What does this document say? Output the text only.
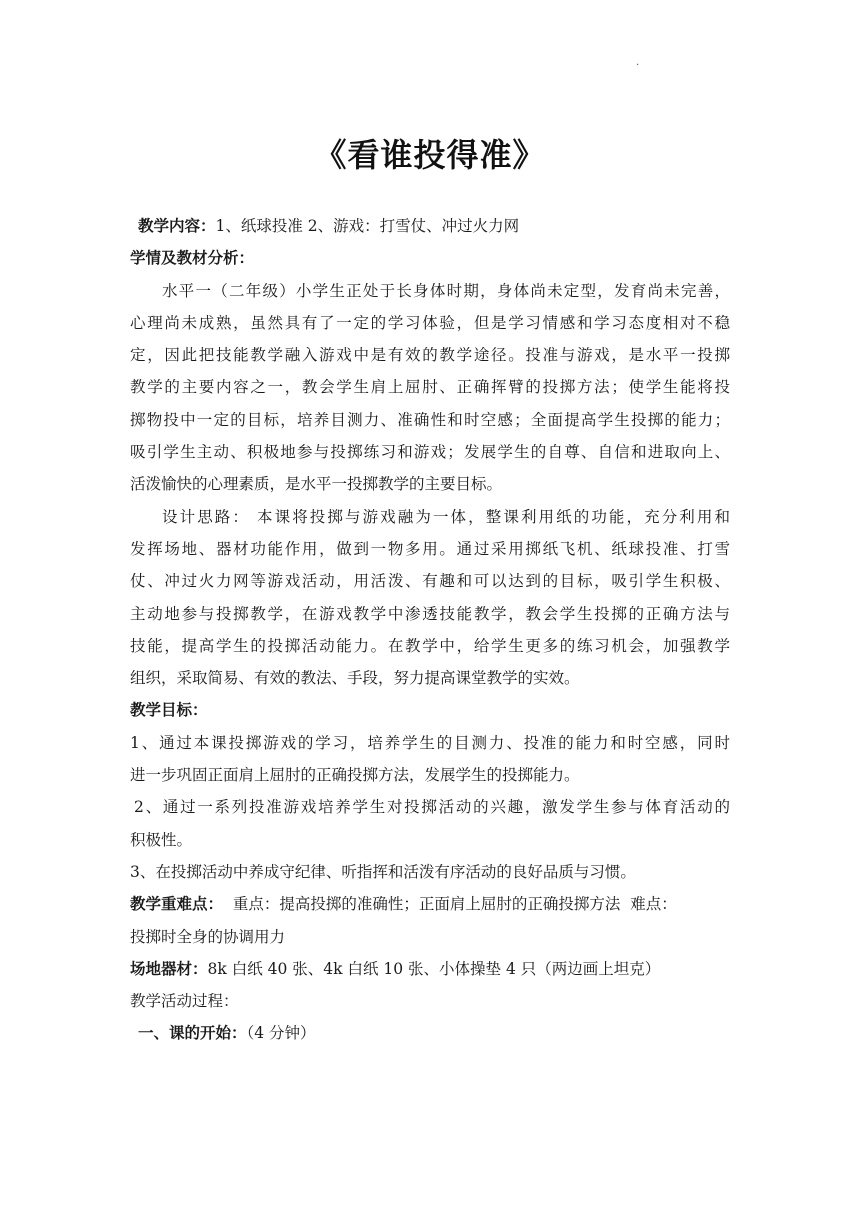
·
《看谁投得准》
教学内容：1、纸球投准 2、游戏：打雪仗、冲过火力网
学情及教材分析：
水平一（二年级）小学生正处于长身体时期，身体尚未定型，发育尚未完善，
心理尚未成熟，虽然具有了一定的学习体验，但是学习情感和学习态度相对不稳
定，因此把技能教学融入游戏中是有效的教学途径。投准与游戏，是水平一投掷
教学的主要内容之一，教会学生肩上屈肘、正确挥臂的投掷方法；使学生能将投
掷物投中一定的目标，培养目测力、准确性和时空感；全面提高学生投掷的能力；
吸引学生主动、积极地参与投掷练习和游戏；发展学生的自尊、自信和进取向上、
活泼愉快的心理素质，是水平一投掷教学的主要目标。
设计思路： 本课将投掷与游戏融为一体，整课利用纸的功能，充分利用和
发挥场地、器材功能作用，做到一物多用。通过采用掷纸飞机、纸球投准、打雪
仗、冲过火力网等游戏活动，用活泼、有趣和可以达到的目标，吸引学生积极、
主动地参与投掷教学，在游戏教学中渗透技能教学，教会学生投掷的正确方法与
技能，提高学生的投掷活动能力。在教学中，给学生更多的练习机会，加强教学
组织，采取简易、有效的教法、手段，努力提高课堂教学的实效。
教学目标：
1、通过本课投掷游戏的学习，培养学生的目测力、投准的能力和时空感，同时
进一步巩固正面肩上屈肘的正确投掷方法，发展学生的投掷能力。
2、通过一系列投准游戏培养学生对投掷活动的兴趣，激发学生参与体育活动的
积极性。
3、在投掷活动中养成守纪律、听指挥和活泼有序活动的良好品质与习惯。
教学重难点：  重点：提高投掷的准确性；正面肩上屈肘的正确投掷方法  难点：
投掷时全身的协调用力
场地器材：8k 白纸 40 张、4k 白纸 10 张、小体操垫 4 只（两边画上坦克）
教学活动过程：
一、课的开始：（4 分钟）
